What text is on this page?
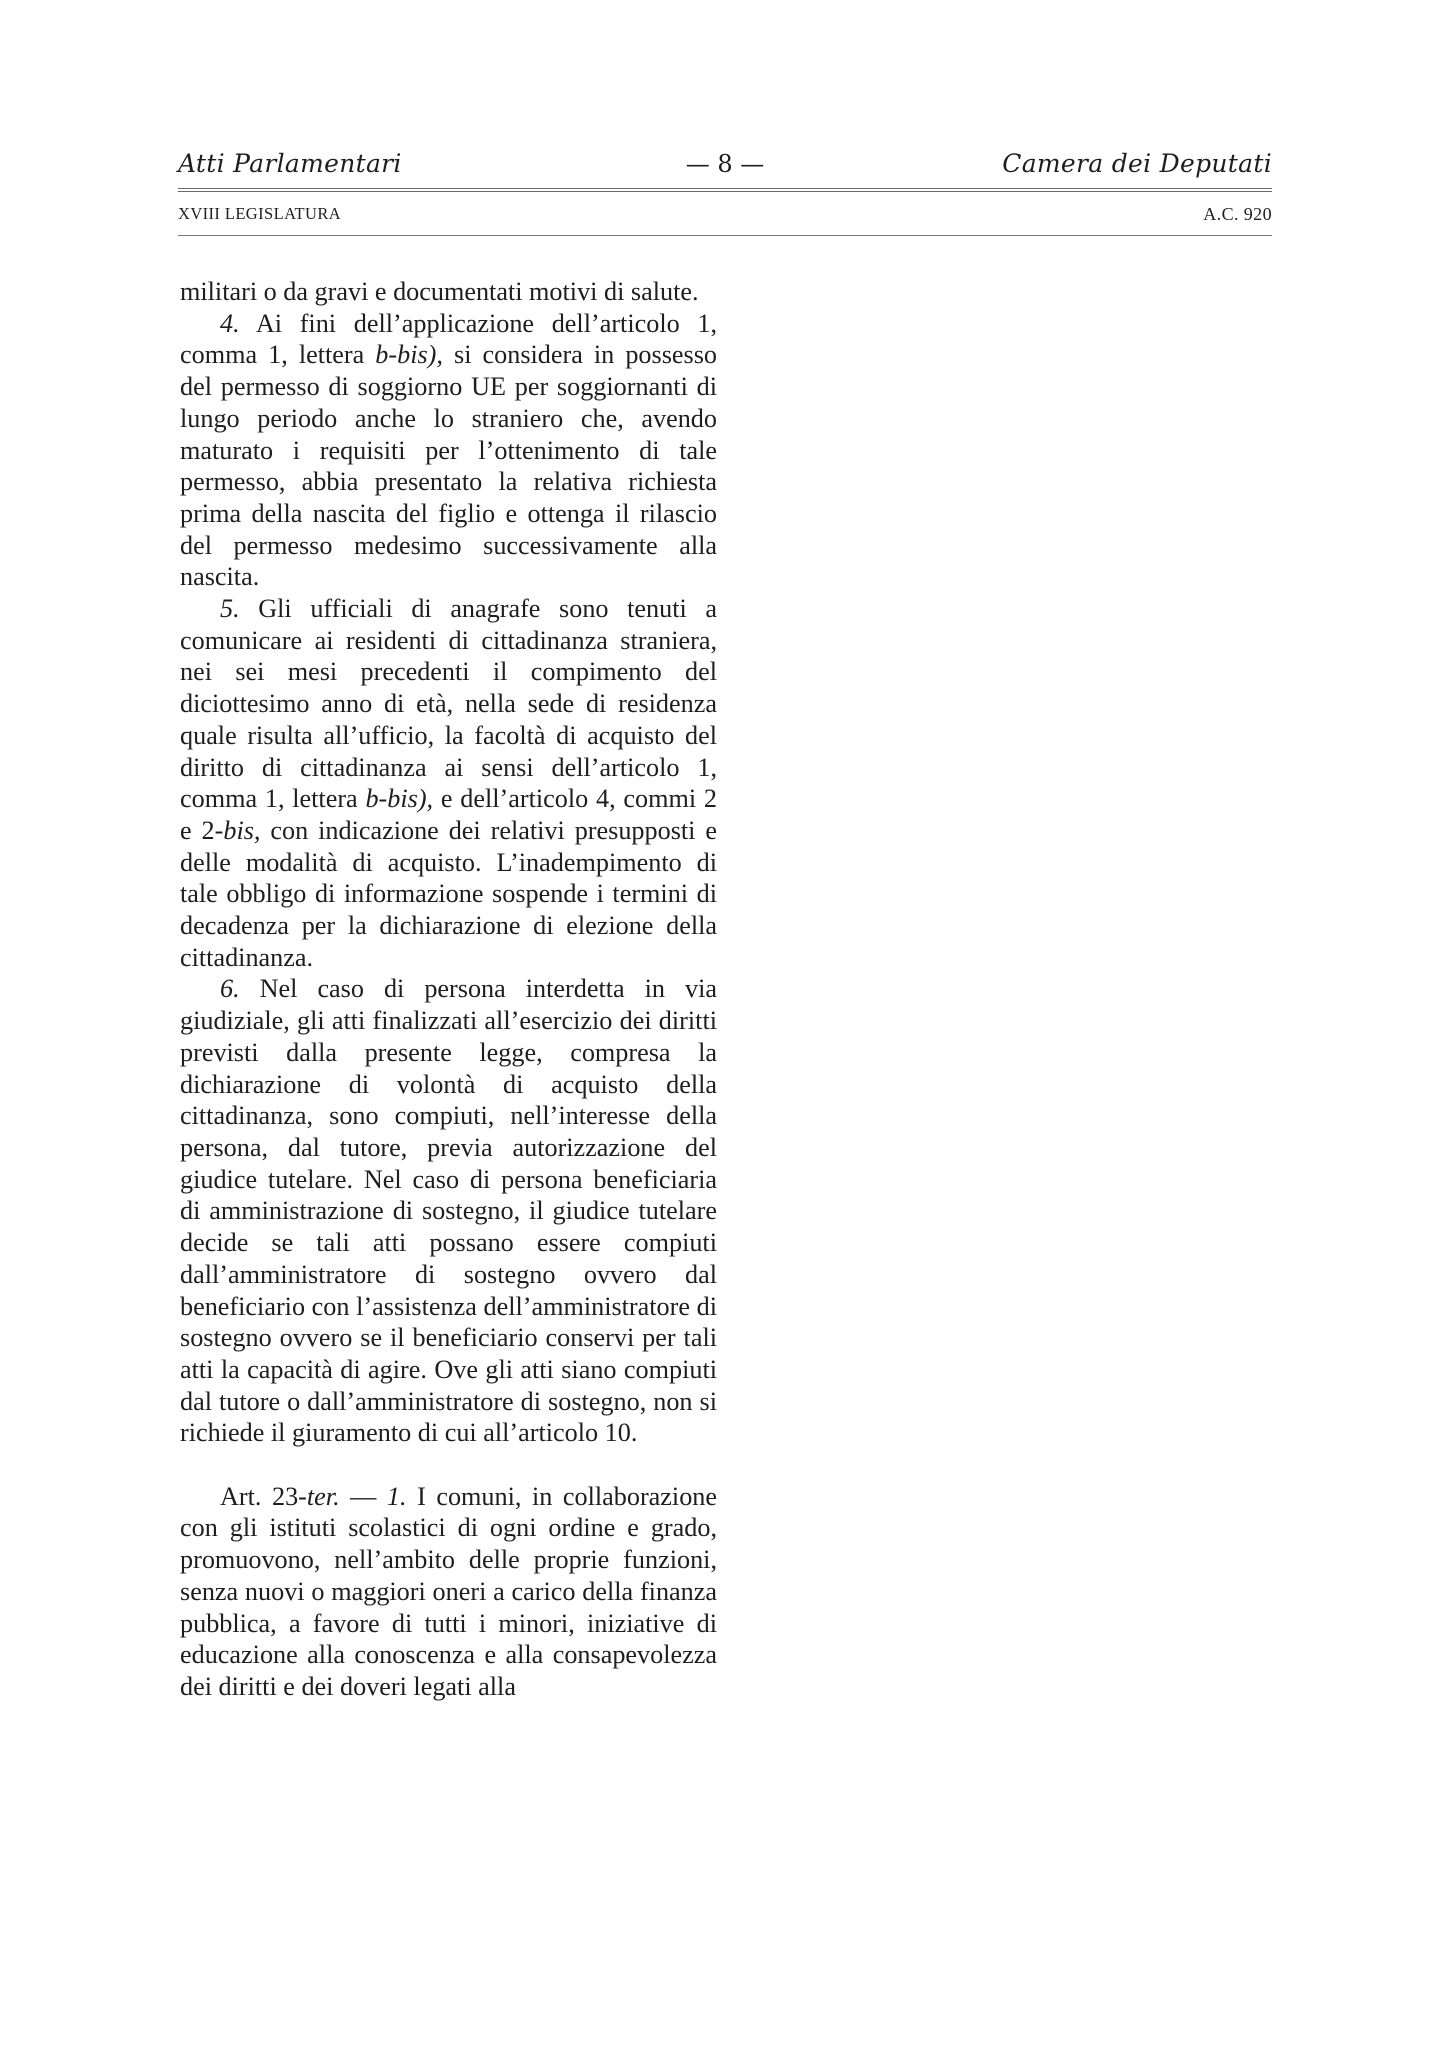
Atti Parlamentari	— 8 —	Camera dei Deputati
XVIII LEGISLATURA	A.C. 920

militari o da gravi e documentati motivi di salute.

4. Ai fini dell’applicazione dell’articolo 1, comma 1, lettera b-bis), si considera in possesso del permesso di soggiorno UE per soggiornanti di lungo periodo anche lo straniero che, avendo maturato i requisiti per l’ottenimento di tale permesso, abbia presentato la relativa richiesta prima della nascita del figlio e ottenga il rilascio del permesso medesimo successivamente alla nascita.

5. Gli ufficiali di anagrafe sono tenuti a comunicare ai residenti di cittadinanza straniera, nei sei mesi precedenti il compimento del diciottesimo anno di età, nella sede di residenza quale risulta all’ufficio, la facoltà di acquisto del diritto di cittadinanza ai sensi dell’articolo 1, comma 1, lettera b-bis), e dell’articolo 4, commi 2 e 2-bis, con indicazione dei relativi presupposti e delle modalità di acquisto. L’inadempimento di tale obbligo di informazione sospende i termini di decadenza per la dichiarazione di elezione della cittadinanza.

6. Nel caso di persona interdetta in via giudiziale, gli atti finalizzati all’esercizio dei diritti previsti dalla presente legge, compresa la dichiarazione di volontà di acquisto della cittadinanza, sono compiuti, nell’interesse della persona, dal tutore, previa autorizzazione del giudice tutelare. Nel caso di persona beneficiaria di amministrazione di sostegno, il giudice tutelare decide se tali atti possano essere compiuti dall’amministratore di sostegno ovvero dal beneficiario con l’assistenza dell’amministratore di sostegno ovvero se il beneficiario conservi per tali atti la capacità di agire. Ove gli atti siano compiuti dal tutore o dall’amministratore di sostegno, non si richiede il giuramento di cui all’articolo 10.

Art. 23-ter. — 1. I comuni, in collaborazione con gli istituti scolastici di ogni ordine e grado, promuovono, nell’ambito delle proprie funzioni, senza nuovi o maggiori oneri a carico della finanza pubblica, a favore di tutti i minori, iniziative di educazione alla conoscenza e alla consapevolezza dei diritti e dei doveri legati alla
